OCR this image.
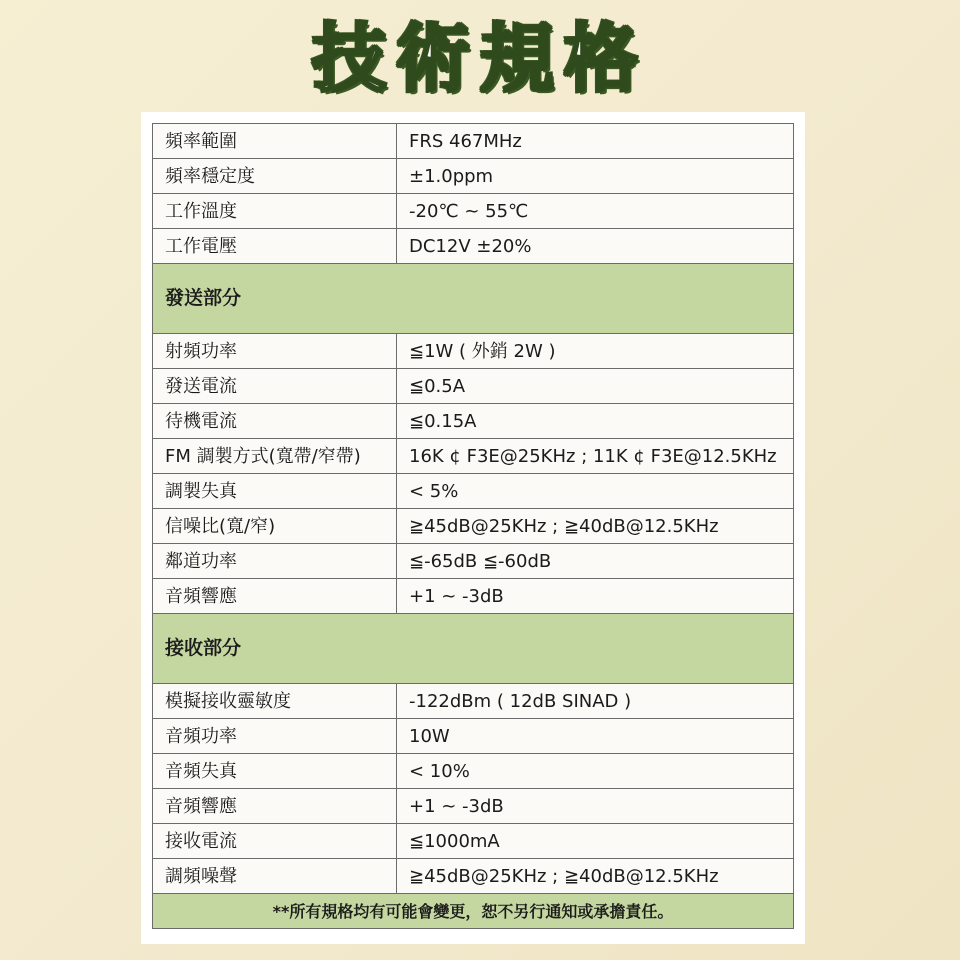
技術規格
頻率範圍	FRS 467MHz
頻率穩定度	±1.0ppm
工作溫度	-20℃ ~ 55℃
工作電壓	DC12V ±20%
發送部分	
射頻功率	≦1W ( 外銷 2W )
發送電流	≦0.5A
待機電流	≦0.15A
FM 調製方式(寬帶/窄帶)	16K ¢ F3E@25KHz ; 11K ¢ F3E@12.5KHz
調製失真	< 5%
信噪比(寬/窄)	≧45dB@25KHz ; ≧40dB@12.5KHz
鄰道功率	≦-65dB ≦-60dB
音頻響應	+1 ~ -3dB
接收部分	
模擬接收靈敏度	-122dBm ( 12dB SINAD )
音頻功率	10W
音頻失真	< 10%
音頻響應	+1 ~ -3dB
接收電流	≦1000mA
調頻噪聲	≧45dB@25KHz ; ≧40dB@12.5KHz
**所有規格均有可能會變更，恕不另行通知或承擔責任。	
